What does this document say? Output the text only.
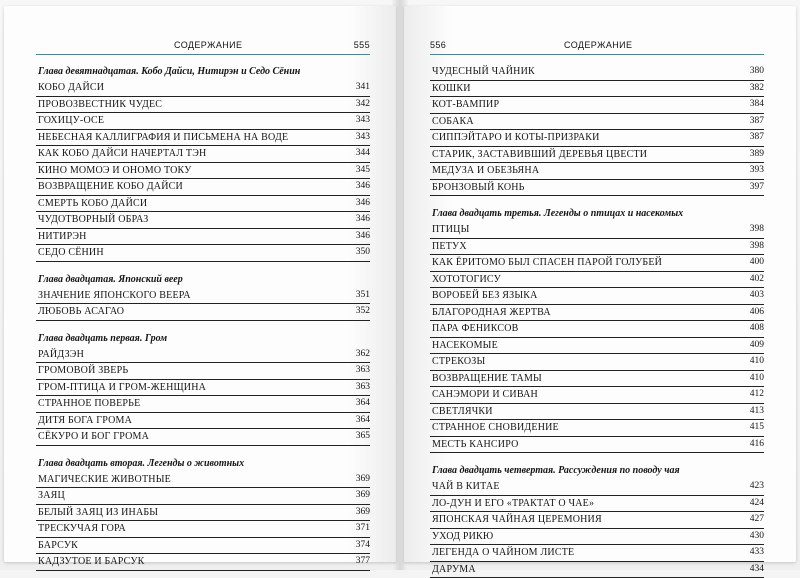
СОДЕРЖАНИЕ	555
Глава девятнадцатая. Кобо Дайси, Нитирэн и Седо Сёнин
КОБО ДАЙСИ	341
ПРОВОЗВЕСТНИК ЧУДЕС	342
ГОХИЦУ-ОСЕ	343
НЕБЕСНАЯ КАЛЛИГРАФИЯ И ПИСЬМЕНА НА ВОДЕ	343
КАК КОБО ДАЙСИ НАЧЕРТАЛ ТЭН	344
КИНО МОМОЭ И ОНОМО ТОКУ	345
ВОЗВРАЩЕНИЕ КОБО ДАЙСИ	346
СМЕРТЬ КОБО ДАЙСИ	346
ЧУДОТВОРНЫЙ ОБРАЗ	346
НИТИРЭН	346
СЕДО СЁНИН	350
Глава двадцатая. Японский веер
ЗНАЧЕНИЕ ЯПОНСКОГО ВЕЕРА	351
ЛЮБОВЬ АСАГАО	352
Глава двадцать первая. Гром
РАЙДЗЭН	362
ГРОМОВОЙ ЗВЕРЬ	363
ГРОМ-ПТИЦА И ГРОМ-ЖЕНЩИНА	363
СТРАННОЕ ПОВЕРЬЕ	364
ДИТЯ БОГА ГРОМА	364
СЁКУРО И БОГ ГРОМА	365
Глава двадцать вторая. Легенды о животных
МАГИЧЕСКИЕ ЖИВОТНЫЕ	369
ЗАЯЦ	369
БЕЛЫЙ ЗАЯЦ ИЗ ИНАБЫ	369
ТРЕСКУЧАЯ ГОРА	371
БАРСУК	374
КАДЗУТОЕ И БАРСУК	377
556	СОДЕРЖАНИЕ
ЧУДЕСНЫЙ ЧАЙНИК	380
КОШКИ	382
КОТ-ВАМПИР	384
СОБАКА	387
СИППЭЙТАРО И КОТЫ-ПРИЗРАКИ	387
СТАРИК, ЗАСТАВИВШИЙ ДЕРЕВЬЯ ЦВЕСТИ	389
МЕДУЗА И ОБЕЗЬЯНА	393
БРОНЗОВЫЙ КОНЬ	397
Глава двадцать третья. Легенды о птицах и насекомых
ПТИЦЫ	398
ПЕТУХ	398
КАК ЁРИТОМО БЫЛ СПАСЕН ПАРОЙ ГОЛУБЕЙ	400
ХОТОТОГИСУ	402
ВОРОБЕЙ БЕЗ ЯЗЫКА	403
БЛАГОРОДНАЯ ЖЕРТВА	406
ПАРА ФЕНИКСОВ	408
НАСЕКОМЫЕ	409
СТРЕКОЗЫ	410
ВОЗВРАЩЕНИЕ ТАМЫ	410
САНЭМОРИ И СИВАН	412
СВЕТЛЯЧКИ	413
СТРАННОЕ СНОВИДЕНИЕ	415
МЕСТЬ КАНСИРО	416
Глава двадцать четвертая. Рассуждения по поводу чая
ЧАЙ В КИТАЕ	423
ЛО-ДУН И ЕГО «ТРАКТАТ О ЧАЕ»	424
ЯПОНСКАЯ ЧАЙНАЯ ЦЕРЕМОНИЯ	427
УХОД РИКЮ	430
ЛЕГЕНДА О ЧАЙНОМ ЛИСТЕ	433
ДАРУМА	434
